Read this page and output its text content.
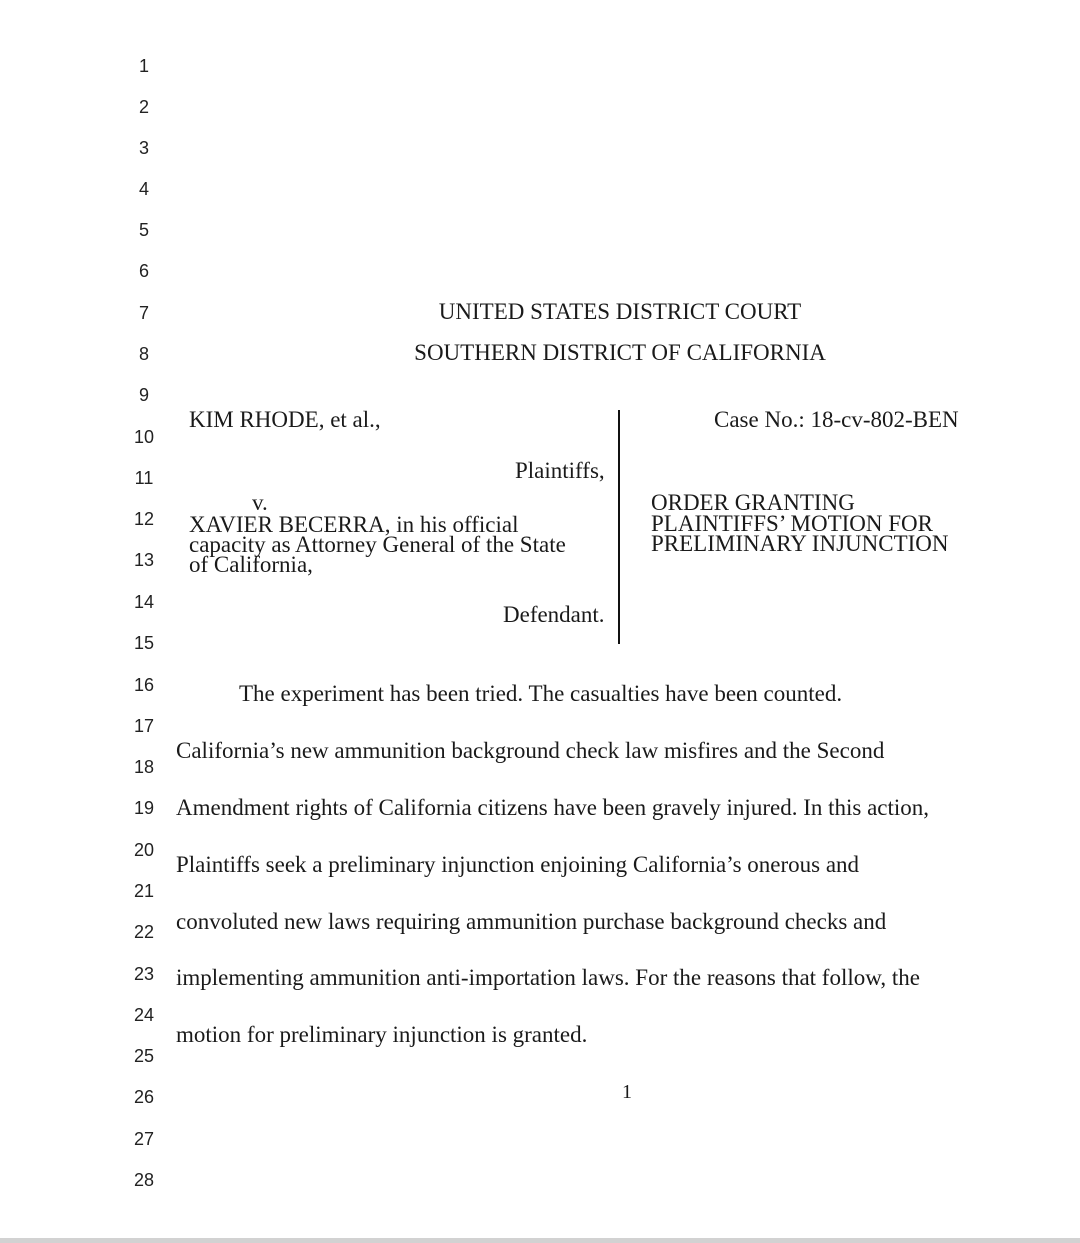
1
2
3
4
5
6
7
8
9
10
11
12
13
14
15
16
17
18
19
20
21
22
23
24
25
26
27
28
UNITED STATES DISTRICT COURT
SOUTHERN DISTRICT OF CALIFORNIA
KIM RHODE, et al.,
Plaintiffs,
v.
XAVIER BECERRA, in his official
capacity as Attorney General of the State
of California,
Defendant.
Case No.: 18-cv-802-BEN
ORDER GRANTING
PLAINTIFFS’ MOTION FOR
PRELIMINARY INJUNCTION
The experiment has been tried. The casualties have been counted.
California’s new ammunition background check law misfires and the Second
Amendment rights of California citizens have been gravely injured. In this action,
Plaintiffs seek a preliminary injunction enjoining California’s onerous and
convoluted new laws requiring ammunition purchase background checks and
implementing ammunition anti-importation laws. For the reasons that follow, the
motion for preliminary injunction is granted.
1
